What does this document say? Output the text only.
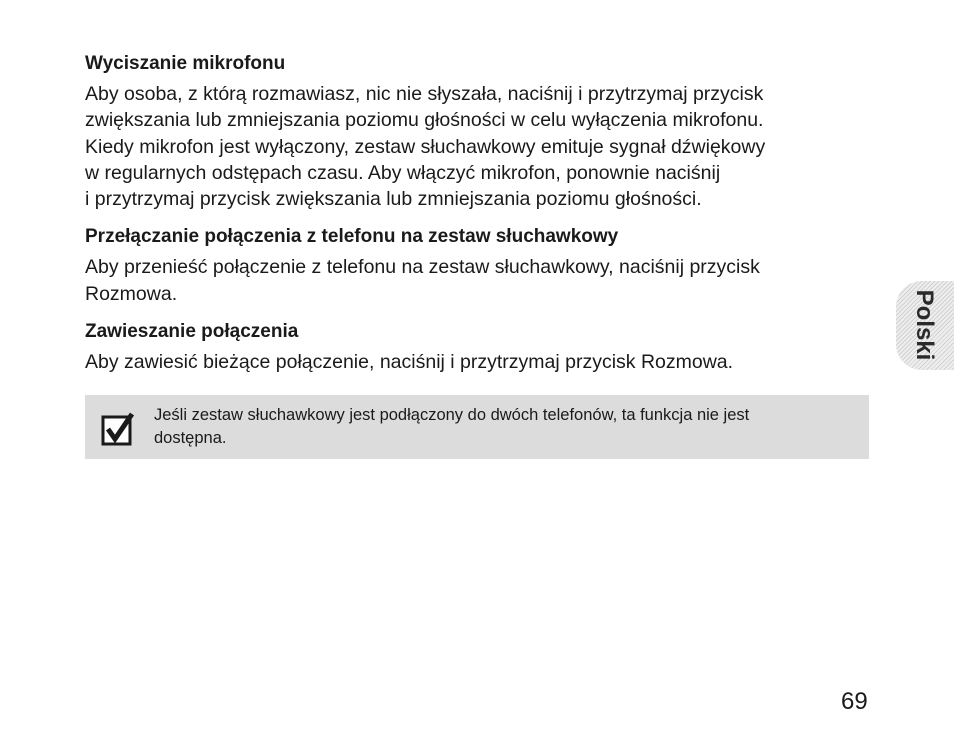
Wyciszanie mikrofonu

Aby osoba, z którą rozmawiasz, nic nie słyszała, naciśnij i przytrzymaj przycisk
zwiększania lub zmniejszania poziomu głośności w celu wyłączenia mikrofonu.
Kiedy mikrofon jest wyłączony, zestaw słuchawkowy emituje sygnał dźwiękowy
w regularnych odstępach czasu. Aby włączyć mikrofon, ponownie naciśnij
i przytrzymaj przycisk zwiększania lub zmniejszania poziomu głośności.

Przełączanie połączenia z telefonu na zestaw słuchawkowy

Aby przenieść połączenie z telefonu na zestaw słuchawkowy, naciśnij przycisk
Rozmowa.

Zawieszanie połączenia

Aby zawiesić bieżące połączenie, naciśnij i przytrzymaj przycisk Rozmowa.

Jeśli zestaw słuchawkowy jest podłączony do dwóch telefonów, ta funkcja nie jest
dostępna.
Polski
69
